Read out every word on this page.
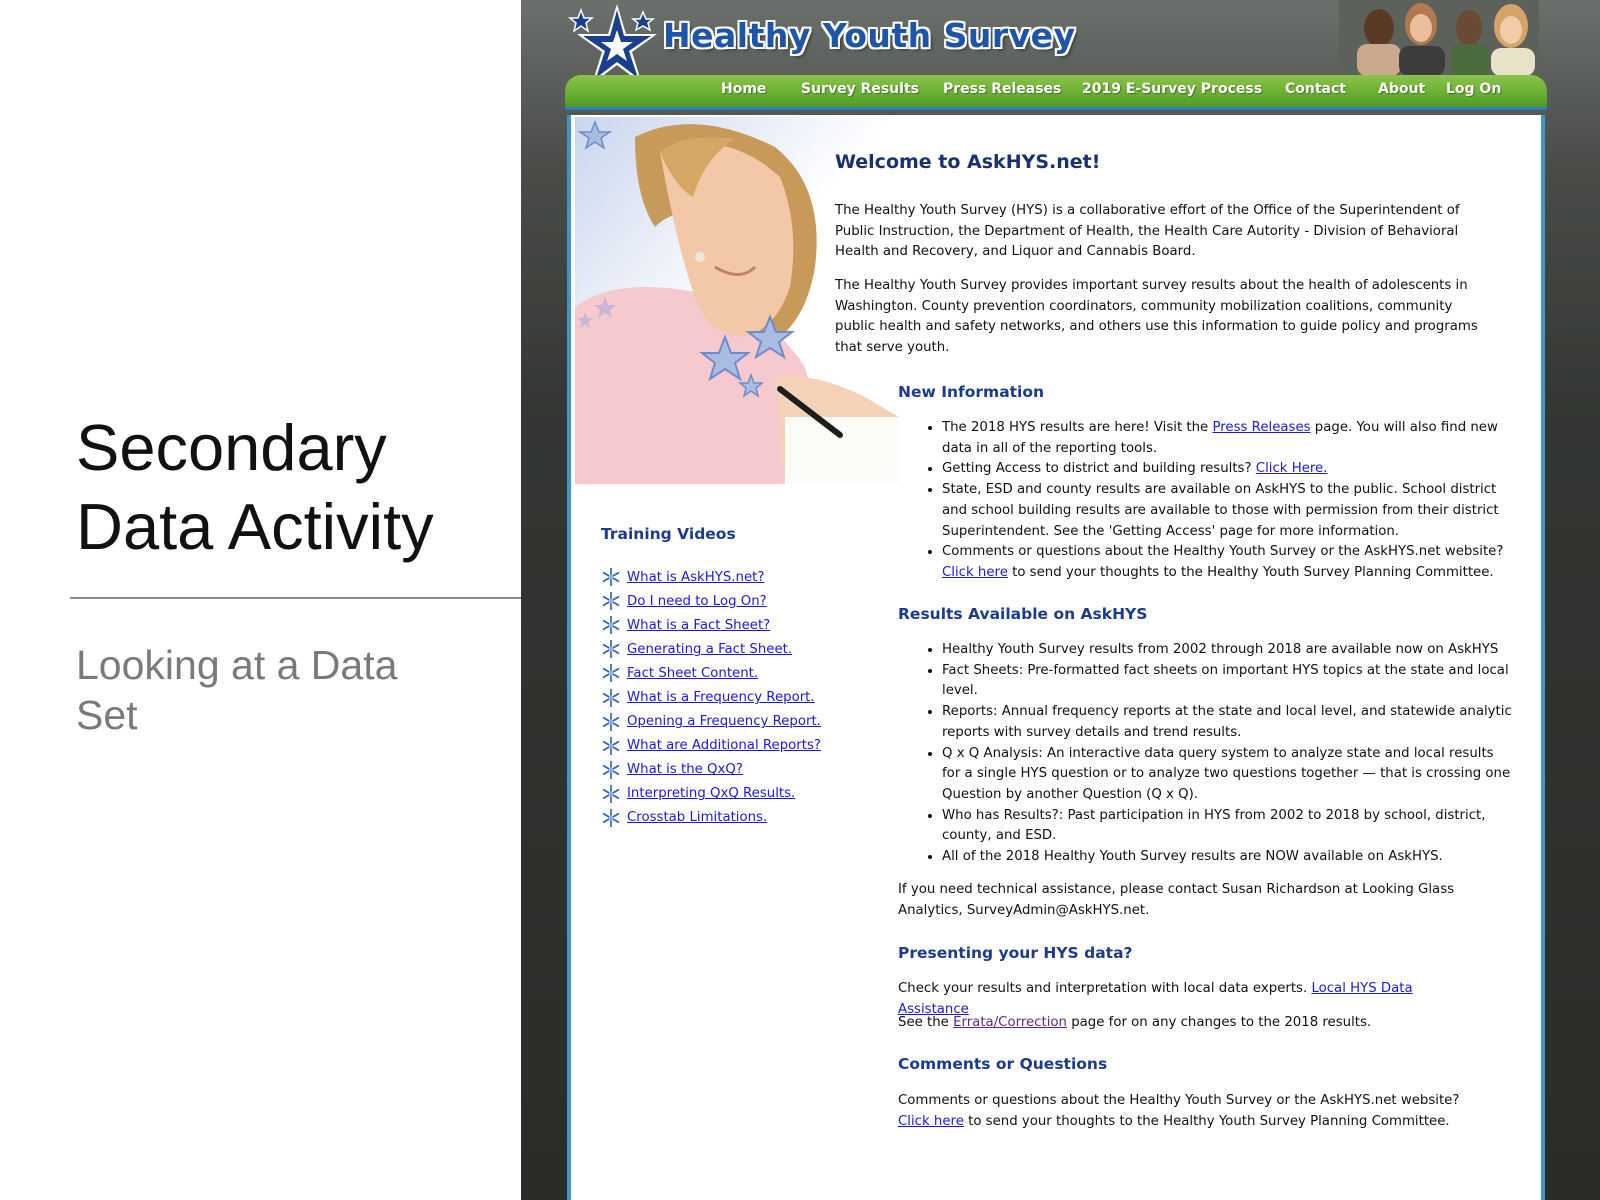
Secondary
Data Activity
Looking at a Data
Set
Healthy Youth Survey
Home Survey Results Press Releases 2019 E-Survey Process Contact About Log On
Welcome to AskHYS.net!

The Healthy Youth Survey (HYS) is a collaborative effort of the Office of the Superintendent of Public Instruction, the Department of Health, the Health Care Autority - Division of Behavioral Health and Recovery, and Liquor and Cannabis Board.

The Healthy Youth Survey provides important survey results about the health of adolescents in Washington. County prevention coordinators, community mobilization coalitions, community public health and safety networks, and others use this information to guide policy and programs that serve youth.

New Information
• The 2018 HYS results are here! Visit the Press Releases page. You will also find new data in all of the reporting tools.
• Getting Access to district and building results? Click Here.
• State, ESD and county results are available on AskHYS to the public. School district and school building results are available to those with permission from their district Superintendent. See the 'Getting Access' page for more information.
• Comments or questions about the Healthy Youth Survey or the AskHYS.net website? Click here to send your thoughts to the Healthy Youth Survey Planning Committee.
Results Available on AskHYS
• Healthy Youth Survey results from 2002 through 2018 are available now on AskHYS
• Fact Sheets: Pre-formatted fact sheets on important HYS topics at the state and local level.
• Reports: Annual frequency reports at the state and local level, and statewide analytic reports with survey details and trend results.
• Q x Q Analysis: An interactive data query system to analyze state and local results for a single HYS question or to analyze two questions together — that is crossing one Question by another Question (Q x Q).
• Who has Results?: Past participation in HYS from 2002 to 2018 by school, district, county, and ESD.
• All of the 2018 Healthy Youth Survey results are NOW available on AskHYS.

If you need technical assistance, please contact Susan Richardson at Looking Glass Analytics, SurveyAdmin@AskHYS.net.

Presenting your HYS data?

Check your results and interpretation with local data experts. Local HYS Data Assistance

See the Errata/Correction page for on any changes to the 2018 results.

Comments or Questions

Comments or questions about the Healthy Youth Survey or the AskHYS.net website? Click here to send your thoughts to the Healthy Youth Survey Planning Committee.

Training Videos
What is AskHYS.net?
Do I need to Log On?
What is a Fact Sheet?
Generating a Fact Sheet.
Fact Sheet Content.
What is a Frequency Report.
Opening a Frequency Report.
What are Additional Reports?
What is the QxQ?
Interpreting QxQ Results.
Crosstab Limitations.
